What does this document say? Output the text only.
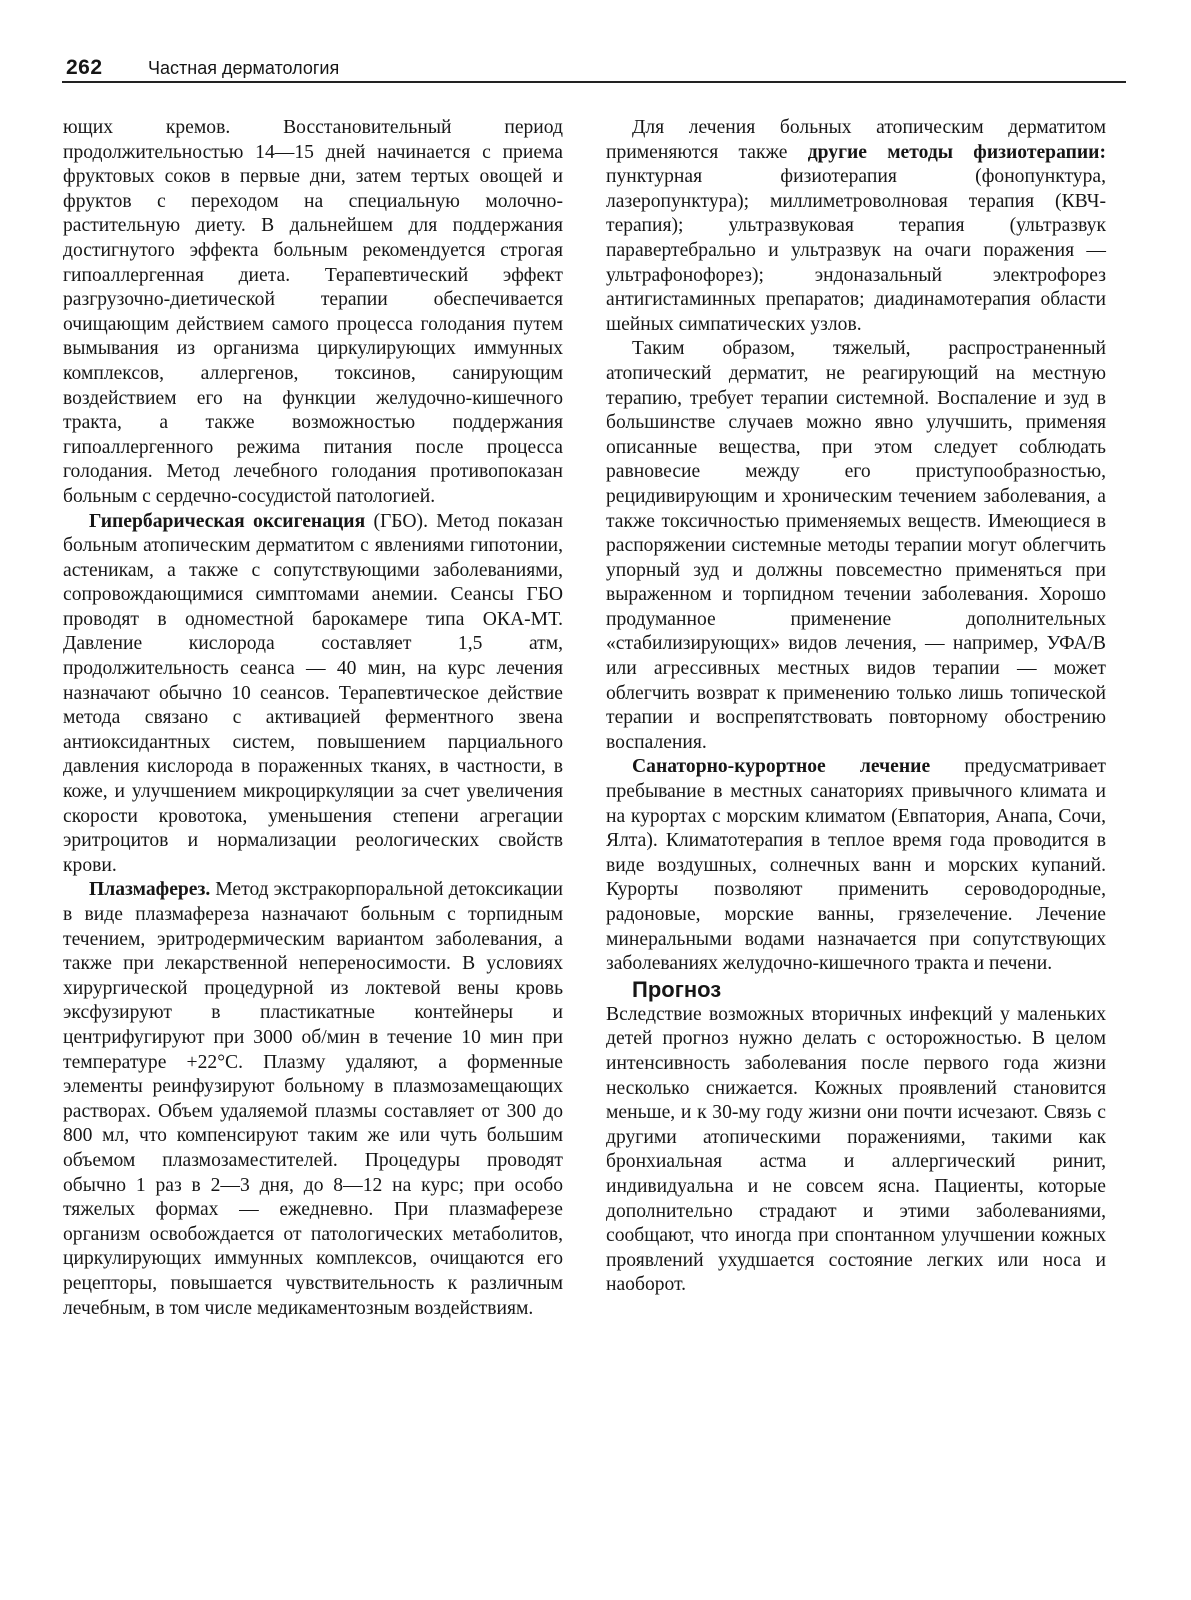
262	Частная дерматология

ющих кремов. Восстановительный период продолжительностью 14—15 дней начинается с приема фруктовых соков в первые дни, затем тертых овощей и фруктов с переходом на специальную молочно-растительную диету. В дальнейшем для поддержания достигнутого эффекта больным рекомендуется строгая гипоаллергенная диета. Терапевтический эффект разгрузочно-диетической терапии обеспечивается очищающим действием самого процесса голодания путем вымывания из организма циркулирующих иммунных комплексов, аллергенов, токсинов, санирующим воздействием его на функции желудочно-кишечного тракта, а также возможностью поддержания гипоаллергенного режима питания после процесса голодания. Метод лечебного голодания противопоказан больным с сердечно-сосудистой патологией.

Гипербарическая оксигенация (ГБО). Метод показан больным атопическим дерматитом с явлениями гипотонии, астеникам, а также с сопутствующими заболеваниями, сопровождающимися симптомами анемии. Сеансы ГБО проводят в одноместной барокамере типа ОКА-МТ. Давление кислорода составляет 1,5 атм, продолжительность сеанса — 40 мин, на курс лечения назначают обычно 10 сеансов. Терапевтическое действие метода связано с активацией ферментного звена антиоксидантных систем, повышением парциального давления кислорода в пораженных тканях, в частности, в коже, и улучшением микроциркуляции за счет увеличения скорости кровотока, уменьшения степени агрегации эритроцитов и нормализации реологических свойств крови.

Плазмаферез. Метод экстракорпоральной детоксикации в виде плазмафереза назначают больным с торпидным течением, эритродермическим вариантом заболевания, а также при лекарственной непереносимости. В условиях хирургической процедурной из локтевой вены кровь эксфузируют в пластикатные контейнеры и центрифугируют при 3000 об/мин в течение 10 мин при температуре +22°С. Плазму удаляют, а форменные элементы реинфузируют больному в плазмозамещающих растворах. Объем удаляемой плазмы составляет от 300 до 800 мл, что компенсируют таким же или чуть большим объемом плазмозаместителей. Процедуры проводят обычно 1 раз в 2—3 дня, до 8—12 на курс; при особо тяжелых формах — ежедневно. При плазмаферезе организм освобождается от патологических метаболитов, циркулирующих иммунных комплексов, очищаются его рецепторы, повышается чувствительность к различным лечебным, в том числе медикаментозным воздействиям.

Для лечения больных атопическим дерматитом применяются также другие методы физиотерапии: пунктурная физиотерапия (фонопунктура, лазеропунктура); миллиметроволновая терапия (КВЧ-терапия); ультразвуковая терапия (ультразвук паравертебрально и ультразвук на очаги поражения — ультрафонофорез); эндоназальный электрофорез антигистаминных препаратов; диадинамотерапия области шейных симпатических узлов.

Таким образом, тяжелый, распространенный атопический дерматит, не реагирующий на местную терапию, требует терапии системной. Воспаление и зуд в большинстве случаев можно явно улучшить, применяя описанные вещества, при этом следует соблюдать равновесие между его приступообразностью, рецидивирующим и хроническим течением заболевания, а также токсичностью применяемых веществ. Имеющиеся в распоряжении системные методы терапии могут облегчить упорный зуд и должны повсеместно применяться при выраженном и торпидном течении заболевания. Хорошо продуманное применение дополнительных «стабилизирующих» видов лечения, — например, УФА/В или агрессивных местных видов терапии — может облегчить возврат к применению только лишь топической терапии и воспрепятствовать повторному обострению воспаления.

Санаторно-курортное лечение предусматривает пребывание в местных санаториях привычного климата и на курортах с морским климатом (Евпатория, Анапа, Сочи, Ялта). Климатотерапия в теплое время года проводится в виде воздушных, солнечных ванн и морских купаний. Курорты позволяют применить сероводородные, радоновые, морские ванны, грязелечение. Лечение минеральными водами назначается при сопутствующих заболеваниях желудочно-кишечного тракта и печени.

Прогноз

Вследствие возможных вторичных инфекций у маленьких детей прогноз нужно делать с осторожностью. В целом интенсивность заболевания после первого года жизни несколько снижается. Кожных проявлений становится меньше, и к 30-му году жизни они почти исчезают. Связь с другими атопическими поражениями, такими как бронхиальная астма и аллергический ринит, индивидуальна и не совсем ясна. Пациенты, которые дополнительно страдают и этими заболеваниями, сообщают, что иногда при спонтанном улучшении кожных проявлений ухудшается состояние легких или носа и наоборот.
